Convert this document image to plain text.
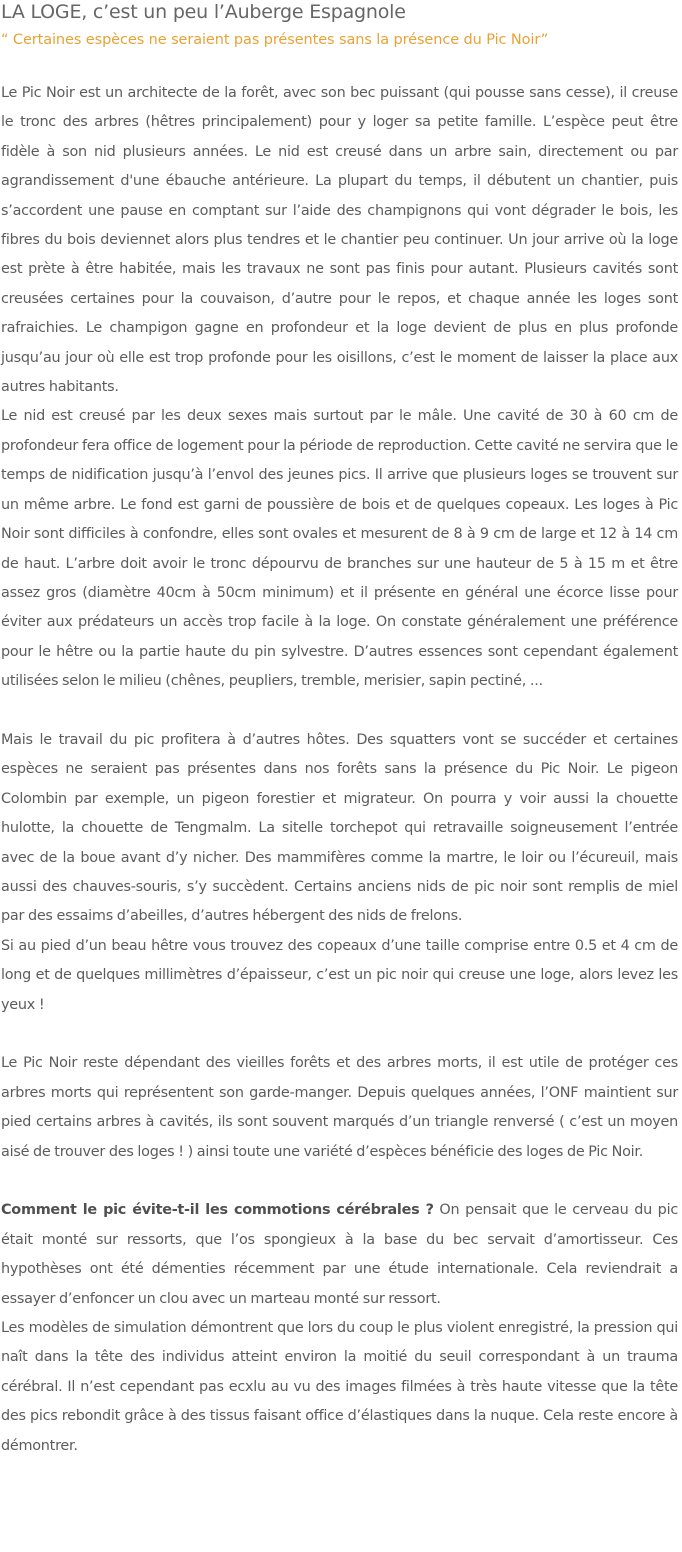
LA LOGE, c’est un peu l’Auberge Espagnole

“ Certaines espèces ne seraient pas présentes sans la présence du Pic Noir”

Le Pic Noir est un architecte de la forêt, avec son bec puissant (qui pousse sans cesse), il creuse le tronc des arbres (hêtres principalement) pour y loger sa petite famille. L’espèce peut être fidèle à son nid plusieurs années. Le nid est creusé dans un arbre sain, directement ou par agrandissement d'une ébauche antérieure. La plupart du temps, il débutent un chantier, puis s’accordent une pause en comptant sur l’aide des champignons qui vont dégrader le bois, les fibres du bois deviennet alors plus tendres et le chantier peu continuer. Un jour arrive où la loge est prète à être habitée, mais les travaux ne sont pas finis pour autant. Plusieurs cavités sont creusées certaines pour la couvaison, d’autre pour le repos, et chaque année les loges sont rafraichies. Le champigon gagne en profondeur et la loge devient de plus en plus profonde jusqu’au jour où elle est trop profonde pour les oisillons, c’est le moment de laisser la place aux autres habitants.

Le nid est creusé par les deux sexes mais surtout par le mâle. Une cavité de 30 à 60 cm de profondeur fera office de logement pour la période de reproduction. Cette cavité ne servira que le temps de nidification jusqu’à l’envol des jeunes pics. Il arrive que plusieurs loges se trouvent sur un même arbre. Le fond est garni de poussière de bois et de quelques copeaux. Les loges à Pic Noir sont difficiles à confondre, elles sont ovales et mesurent de 8 à 9 cm de large et 12 à 14 cm de haut. L’arbre doit avoir le tronc dépourvu de branches sur une hauteur de 5 à 15 m et être assez gros (diamètre 40cm à 50cm minimum) et il présente en général une écorce lisse pour éviter aux prédateurs un accès trop facile à la loge. On constate généralement une préférence pour le hêtre ou la partie haute du pin sylvestre. D’autres essences sont cependant également utilisées selon le milieu (chênes, peupliers, tremble, merisier, sapin pectiné, ...

Mais le travail du pic profitera à d’autres hôtes. Des squatters vont se succéder et certaines espèces ne seraient pas présentes dans nos forêts sans la présence du Pic Noir. Le pigeon Colombin par exemple, un pigeon forestier et migrateur. On pourra y voir aussi la chouette hulotte, la chouette de Tengmalm. La sitelle torchepot qui retravaille soigneusement l’entrée avec de la boue avant d’y nicher. Des mammifères comme la martre, le loir ou l’écureuil, mais aussi des chauves-souris, s’y succèdent. Certains anciens nids de pic noir sont remplis de miel par des essaims d’abeilles, d’autres hébergent des nids de frelons.

Si au pied d’un beau hêtre vous trouvez des copeaux d’une taille comprise entre 0.5 et 4 cm de long et de quelques millimètres d’épaisseur, c’est un pic noir qui creuse une loge, alors levez les yeux !

Le Pic Noir reste dépendant des vieilles forêts et des arbres morts, il est utile de protéger ces arbres morts qui représentent son garde-manger. Depuis quelques années, l’ONF maintient sur pied certains arbres à cavités, ils sont souvent marqués d’un triangle renversé ( c’est un moyen aisé de trouver des loges ! ) ainsi toute une variété d’espèces bénéficie des loges de Pic Noir.

Comment le pic évite-t-il les commotions cérébrales ? On pensait que le cerveau du pic était monté sur ressorts, que l’os spongieux à la base du bec servait d’amortisseur. Ces hypothèses ont été démenties récemment par une étude internationale. Cela reviendrait a essayer d’enfoncer un clou avec un marteau monté sur ressort.

Les modèles de simulation démontrent que lors du coup le plus violent enregistré, la pression qui naît dans la tête des individus atteint environ la moitié du seuil correspondant à un trauma cérébral. Il n’est cependant pas ecxlu au vu des images filmées à très haute vitesse que la tête des pics rebondit grâce à des tissus faisant office d’élastiques dans la nuque. Cela reste encore à démontrer.
